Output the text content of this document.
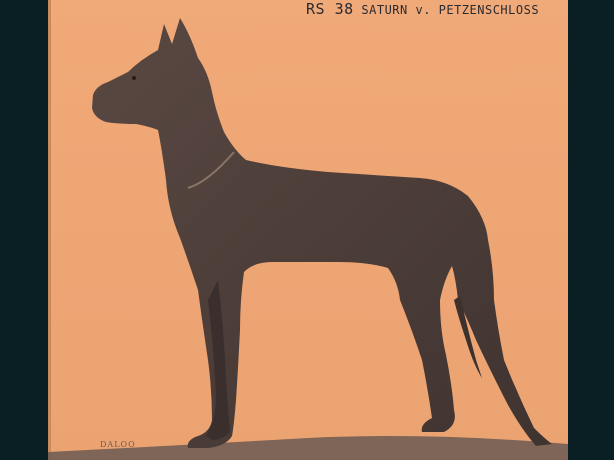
RS 38 SATURN v. PETZENSCHLOSS
DALOO
